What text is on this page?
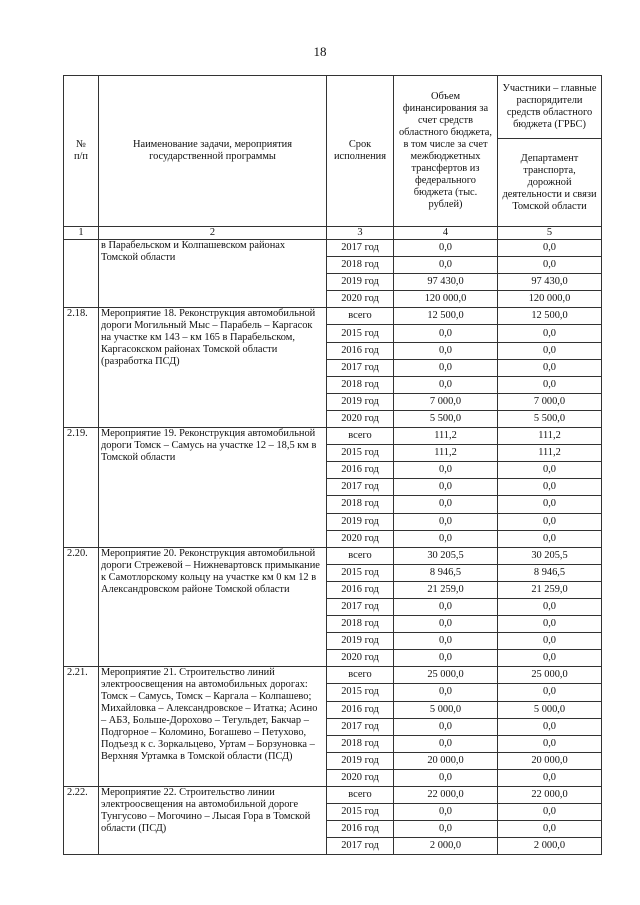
18
№
п/п	Наименование задачи, мероприятия государственной программы	Срок исполнения	Объем финансирования за счет средств областного бюджета, в том числе за счет межбюджетных трансфертов из федерального бюджета (тыс. рублей)	Участники – главные распорядители средств областного бюджета (ГРБС)
				Департамент транспорта, дорожной деятельности и связи Томской области
1	2	3	4	5
	в Парабельском и Колпашевском районах Томской области	2017 год	0,0	0,0
		2018 год	0,0	0,0
		2019 год	97 430,0	97 430,0
		2020 год	120 000,0	120 000,0
2.18.	Мероприятие 18. Реконструкция автомобильной дороги Могильный Мыс – Парабель – Каргасок на участке км 143 – км 165 в Парабельском, Каргасокском районах Томской области (разработка ПСД)	всего	12 500,0	12 500,0
		2015 год	0,0	0,0
		2016 год	0,0	0,0
		2017 год	0,0	0,0
		2018 год	0,0	0,0
		2019 год	7 000,0	7 000,0
		2020 год	5 500,0	5 500,0
2.19.	Мероприятие 19. Реконструкция автомобильной дороги Томск – Самусь на участке 12 – 18,5 км в Томской области	всего	111,2	111,2
		2015 год	111,2	111,2
		2016 год	0,0	0,0
		2017 год	0,0	0,0
		2018 год	0,0	0,0
		2019 год	0,0	0,0
		2020 год	0,0	0,0
2.20.	Мероприятие 20. Реконструкция автомобильной дороги Стрежевой – Нижневартовск примыкание к Самотлорскому кольцу на участке км 0 км 12 в Александровском районе Томской области	всего	30 205,5	30 205,5
		2015 год	8 946,5	8 946,5
		2016 год	21 259,0	21 259,0
		2017 год	0,0	0,0
		2018 год	0,0	0,0
		2019 год	0,0	0,0
		2020 год	0,0	0,0
2.21.	Мероприятие 21. Строительство линий электроосвещения на автомобильных дорогах: Томск – Самусь, Томск – Каргала – Колпашево; Михайловка – Александровское – Итатка; Асино – АБЗ, Больше-Дорохово – Тегульдет, Бакчар – Подгорное – Коломино, Богашево – Петухово, Подъезд к с. Зоркальцево, Уртам – Борзуновка – Верхняя Уртамка в Томской области (ПСД)	всего	25 000,0	25 000,0
		2015 год	0,0	0,0
		2016 год	5 000,0	5 000,0
		2017 год	0,0	0,0
		2018 год	0,0	0,0
		2019 год	20 000,0	20 000,0
		2020 год	0,0	0,0
2.22.	Мероприятие 22. Строительство линии электроосвещения на автомобильной дороге Тунгусово – Могочино – Лысая Гора в Томской области (ПСД)	всего	22 000,0	22 000,0
		2015 год	0,0	0,0
		2016 год	0,0	0,0
		2017 год	2 000,0	2 000,0
